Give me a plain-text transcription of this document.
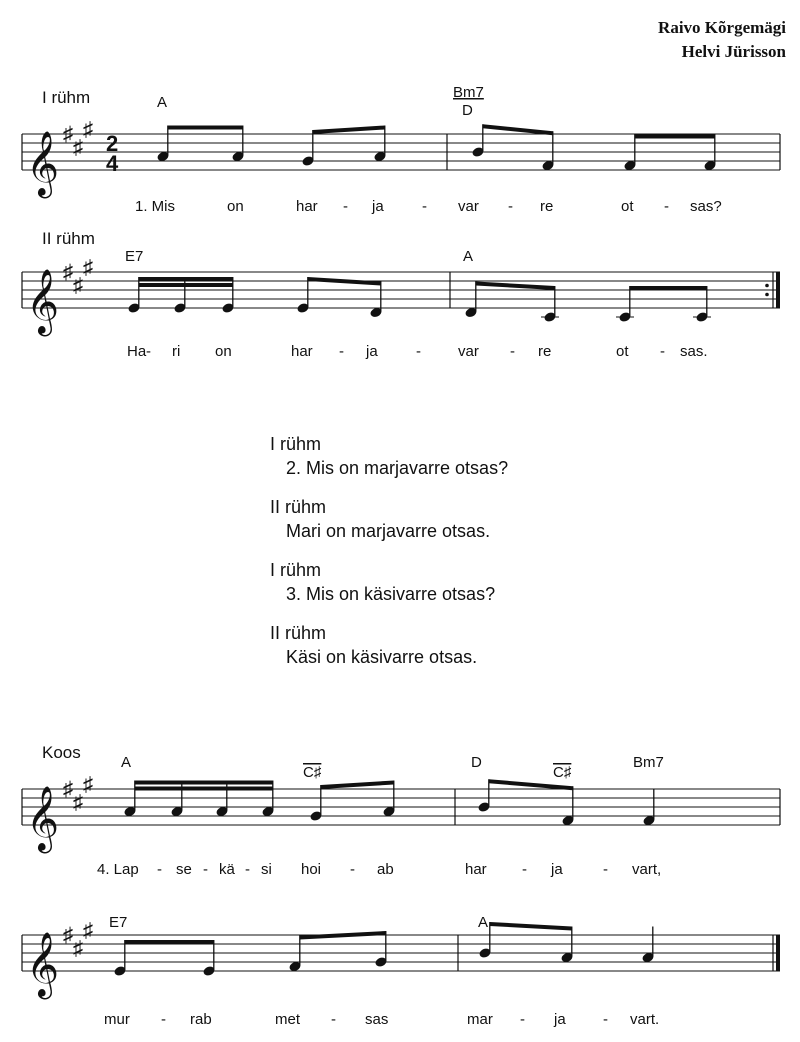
Raivo Kõrgemägi
Helvi Jürisson
I rühm	A
Bm7
D
𝄞 ♯
♯
♯
2
4
1. Mis	on	har - ja	- var - re	ot - sas?
II rühm
E7	A
𝄞 ♯
♯
♯
Ha - ri on	har - ja	- var - re	ot - sas.
Koos
A
C♯
D
C♯
Bm7
𝄞 ♯
♯
♯
4. Lap - se - kä - si hoi - ab	har - ja	- vart,
E7	A
𝄞 ♯
♯
♯
mur - rab	met - sas	mar - ja - vart.
I rühm
2. Mis on marjavarre otsas?
II rühm
Mari on marjavarre otsas.
I rühm
3. Mis on käsivarre otsas?
II rühm
Käsi on käsivarre otsas.
